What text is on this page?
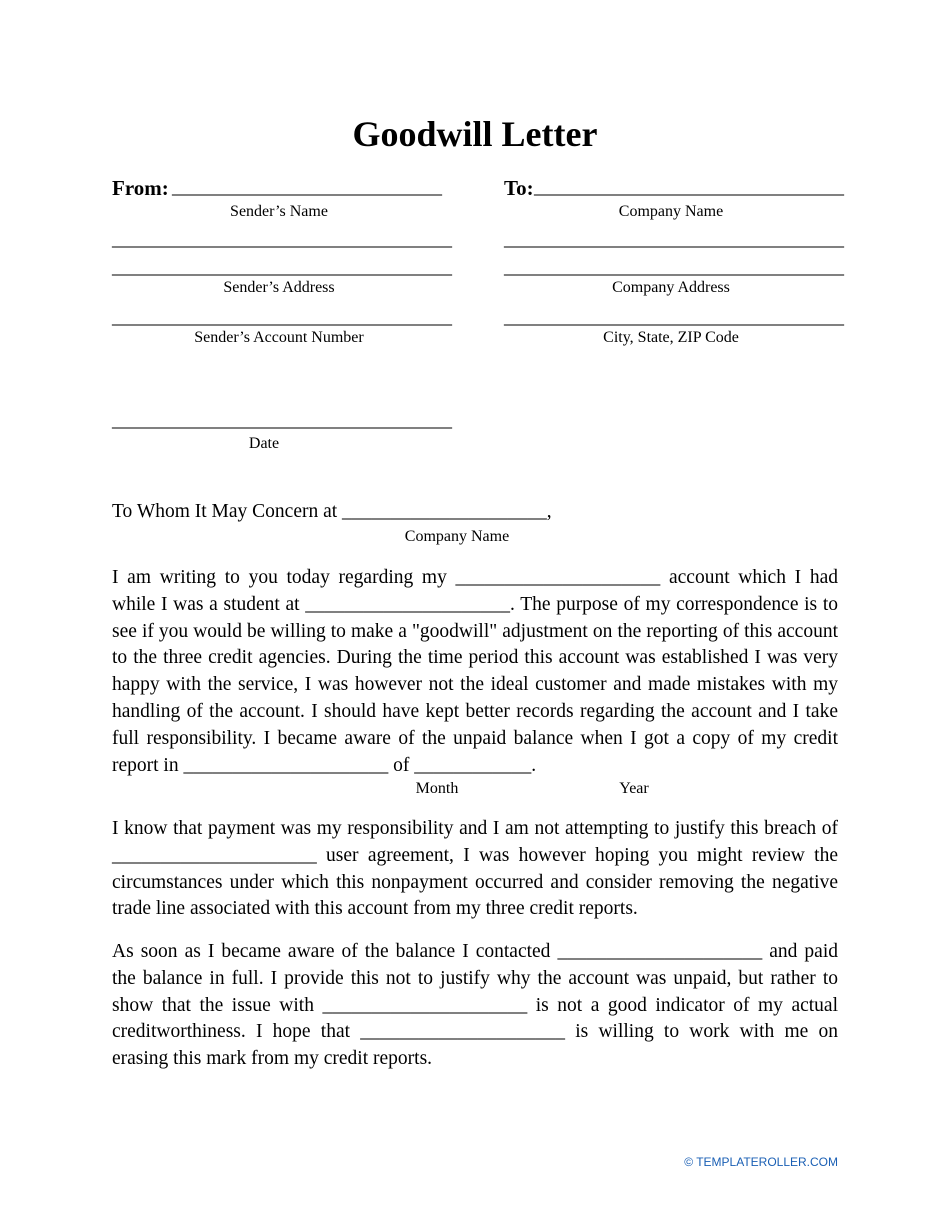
Goodwill Letter
From: ___________________________
Sender’s Name
__________________________________
__________________________________
Sender’s Address
__________________________________
Sender’s Account Number
__________________________________
Date
To: _______________________________
Company Name
__________________________________
__________________________________
Company Address
__________________________________
City, State, ZIP Code
To Whom It May Concern at _____________________,
Company Name
I am writing to you today regarding my _____________________ account which I had while I was a student at _____________________. The purpose of my correspondence is to see if you would be willing to make a "goodwill" adjustment on the reporting of this account to the three credit agencies. During the time period this account was established I was very happy with the service, I was however not the ideal customer and made mistakes with my handling of the account. I should have kept better records regarding the account and I take full responsibility. I became aware of the unpaid balance when I got a copy of my credit report in _____________________ of ____________.
Month	Year
I know that payment was my responsibility and I am not attempting to justify this breach of _____________________ user agreement, I was however hoping you might review the circumstances under which this nonpayment occurred and consider removing the negative trade line associated with this account from my three credit reports.
As soon as I became aware of the balance I contacted _____________________ and paid the balance in full. I provide this not to justify why the account was unpaid, but rather to show that the issue with _____________________ is not a good indicator of my actual creditworthiness. I hope that _____________________ is willing to work with me on erasing this mark from my credit reports.
© TEMPLATEROLLER.COM
